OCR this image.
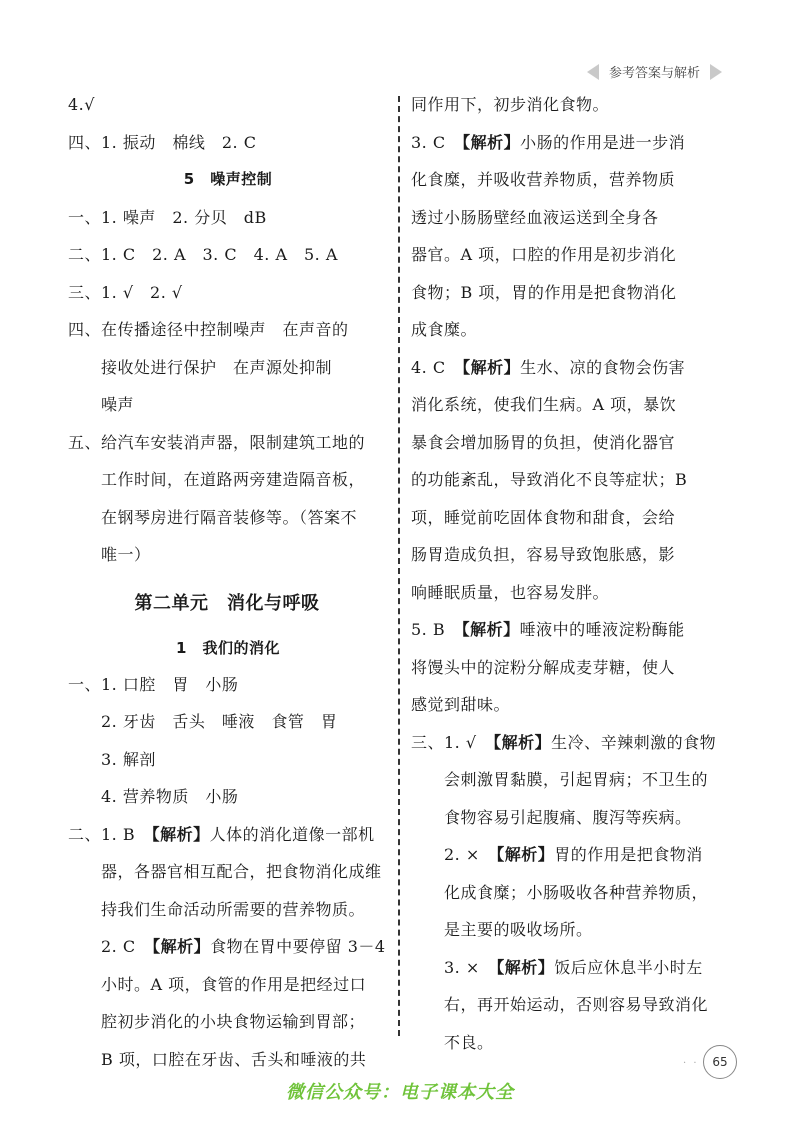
参考答案与解析
4.√
四、1. 振动　棉线　2. C
5　噪声控制
一、1. 噪声　2. 分贝　dB
二、1. C　2. A　3. C　4. A　5. A
三、1. √　2. √
四、在传播途径中控制噪声　在声音的
　　接收处进行保护　在声源处抑制
　　噪声
五、给汽车安装消声器，限制建筑工地的
　　工作时间，在道路两旁建造隔音板，
　　在钢琴房进行隔音装修等。（答案不
　　唯一）
第二单元　消化与呼吸
1　我们的消化
一、1. 口腔　胃　小肠
　　2. 牙齿　舌头　唾液　食管　胃
　　3. 解剖
　　4. 营养物质　小肠
二、1. B　【解析】人体的消化道像一部机
　　器，各器官相互配合，把食物消化成维
　　持我们生命活动所需要的营养物质。
　　2. C　【解析】食物在胃中要停留 3－4
　　小时。A 项，食管的作用是把经过口
　　腔初步消化的小块食物运输到胃部；
　　B 项，口腔在牙齿、舌头和唾液的共
同作用下，初步消化食物。
3. C　【解析】小肠的作用是进一步消
化食糜，并吸收营养物质，营养物质
透过小肠肠壁经血液运送到全身各
器官。A 项，口腔的作用是初步消化
食物；B 项，胃的作用是把食物消化
成食糜。
4. C　【解析】生水、凉的食物会伤害
消化系统，使我们生病。A 项，暴饮
暴食会增加肠胃的负担，使消化器官
的功能紊乱，导致消化不良等症状；B
项，睡觉前吃固体食物和甜食，会给
肠胃造成负担，容易导致饱胀感，影
响睡眠质量，也容易发胖。
5. B　【解析】唾液中的唾液淀粉酶能
将馒头中的淀粉分解成麦芽糖，使人
感觉到甜味。
三、1. √　【解析】生冷、辛辣刺激的食物
　　会刺激胃黏膜，引起胃病；不卫生的
　　食物容易引起腹痛、腹泻等疾病。
　　2. ×　【解析】胃的作用是把食物消
　　化成食糜；小肠吸收各种营养物质，
　　是主要的吸收场所。
　　3. ×　【解析】饭后应休息半小时左
　　右，再开始运动，否则容易导致消化
　　不良。
· ·	65
微信公众号：电子课本大全
